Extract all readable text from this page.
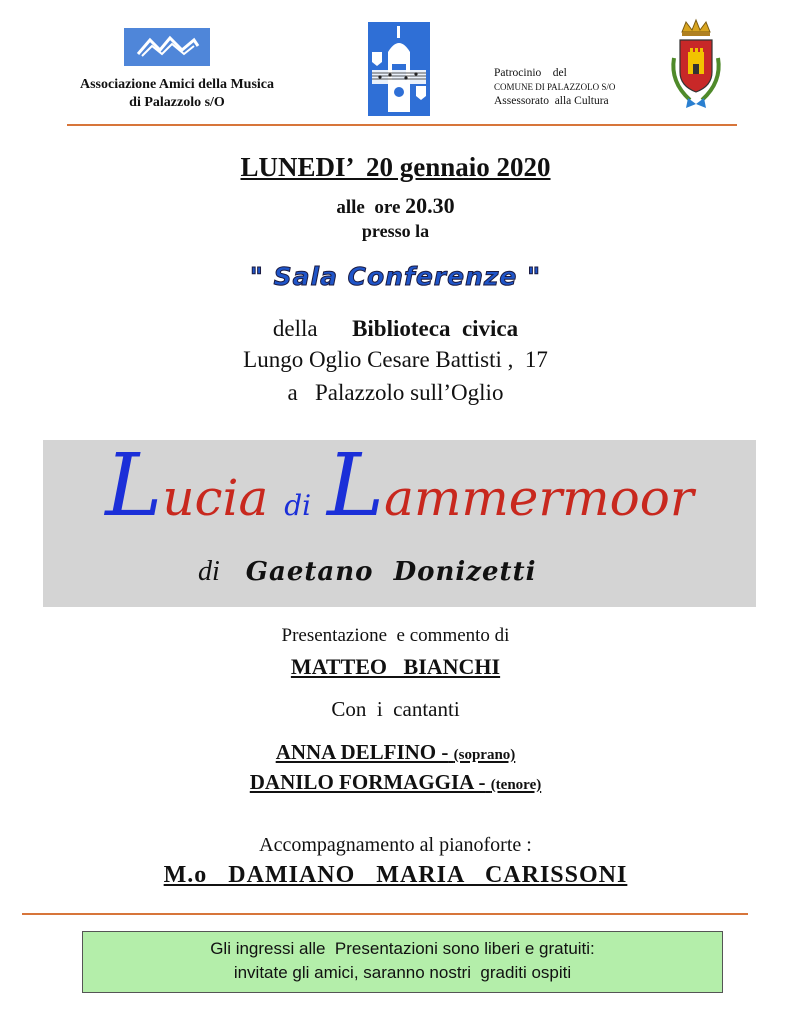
Associazione Amici della Musica
di Palazzolo s/O
Patrocinio    del
COMUNE DI PALAZZOLO S/O
Assessorato  alla Cultura
LUNEDI’  20 gennaio 2020
alle  ore 20.30
presso la
" Sala Conferenze "
della Biblioteca  civica
Lungo Oglio Cesare Battisti ,  17
a   Palazzolo sull’Oglio
Lucia di Lammermoor
di Gaetano  Donizetti
Presentazione  e commento di
MATTEO   BIANCHI
Con  i  cantanti
ANNA DELFINO - (soprano)
DANILO FORMAGGIA - (tenore)
Accompagnamento al pianoforte :
M.o   DAMIANO   MARIA   CARISSONI
Gli ingressi alle  Presentazioni sono liberi e gratuiti:
invitate gli amici, saranno nostri  graditi ospiti
